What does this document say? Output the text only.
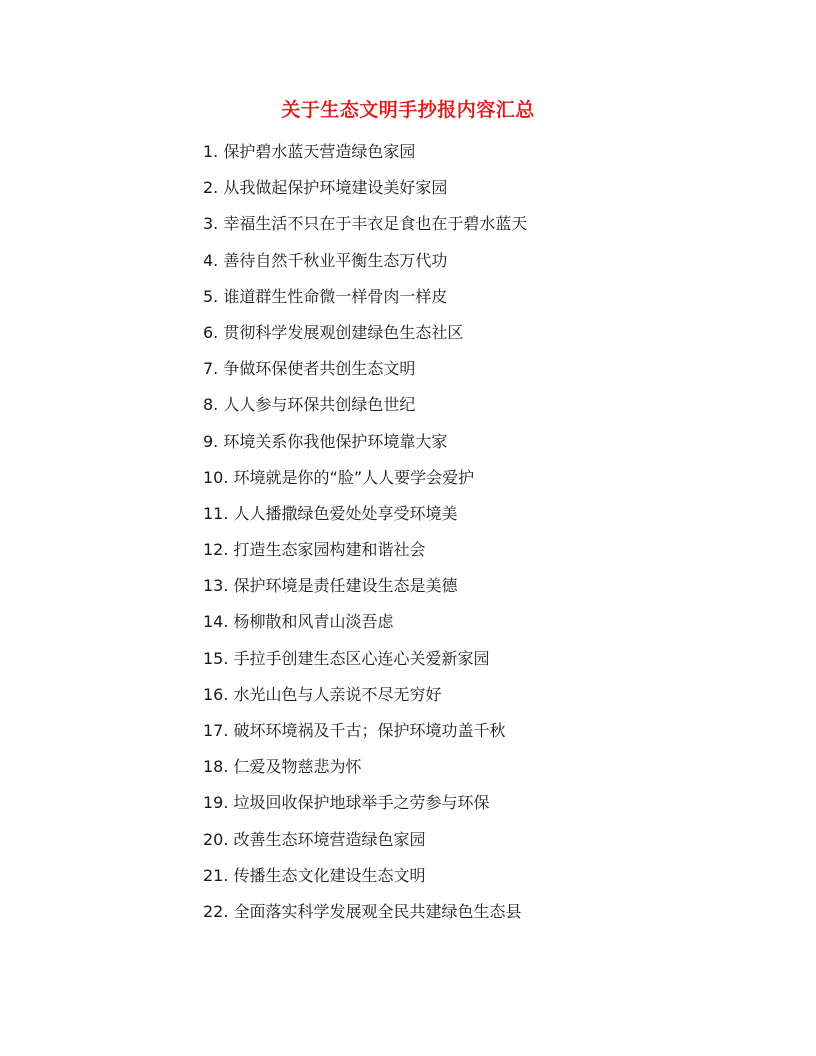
关于生态文明手抄报内容汇总
1. 保护碧水蓝天营造绿色家园
2. 从我做起保护环境建设美好家园
3. 幸福生活不只在于丰衣足食也在于碧水蓝天
4. 善待自然千秋业平衡生态万代功
5. 谁道群生性命微一样骨肉一样皮
6. 贯彻科学发展观创建绿色生态社区
7. 争做环保使者共创生态文明
8. 人人参与环保共创绿色世纪
9. 环境关系你我他保护环境靠大家
10. 环境就是你的“脸”人人要学会爱护
11. 人人播撒绿色爱处处享受环境美
12. 打造生态家园构建和谐社会
13. 保护环境是责任建设生态是美德
14. 杨柳散和风青山淡吾虑
15. 手拉手创建生态区心连心关爱新家园
16. 水光山色与人亲说不尽无穷好
17. 破坏环境祸及千古；保护环境功盖千秋
18. 仁爱及物慈悲为怀
19. 垃圾回收保护地球举手之劳参与环保
20. 改善生态环境营造绿色家园
21. 传播生态文化建设生态文明
22. 全面落实科学发展观全民共建绿色生态县
